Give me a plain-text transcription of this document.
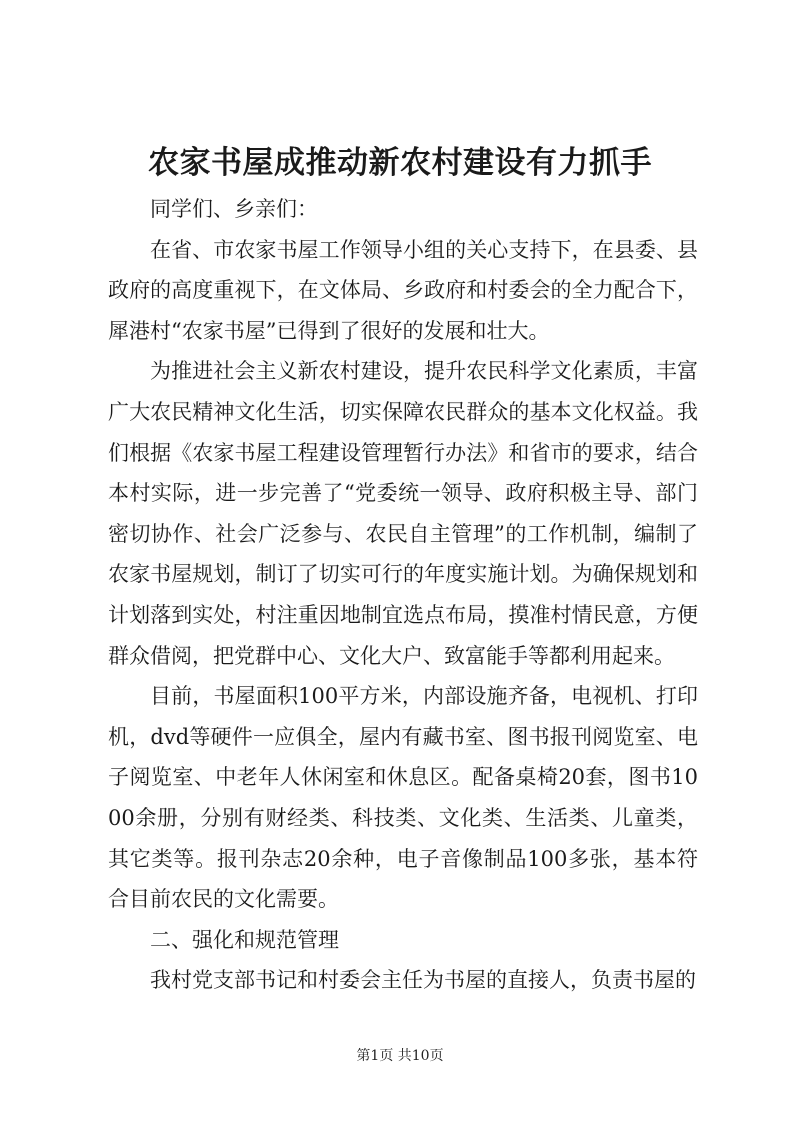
农家书屋成推动新农村建设有力抓手

同学们、乡亲们：

在省、市农家书屋工作领导小组的关心支持下，在县委、县政府的高度重视下，在文体局、乡政府和村委会的全力配合下，犀港村“农家书屋”已得到了很好的发展和壮大。

为推进社会主义新农村建设，提升农民科学文化素质，丰富广大农民精神文化生活，切实保障农民群众的基本文化权益。我们根据《农家书屋工程建设管理暂行办法》和省市的要求，结合本村实际，进一步完善了“党委统一领导、政府积极主导、部门密切协作、社会广泛参与、农民自主管理”的工作机制，编制了农家书屋规划，制订了切实可行的年度实施计划。为确保规划和计划落到实处，村注重因地制宜选点布局，摸准村情民意，方便群众借阅，把党群中心、文化大户、致富能手等都利用起来。

目前，书屋面积100平方米，内部设施齐备，电视机、打印机，dvd等硬件一应俱全，屋内有藏书室、图书报刊阅览室、电子阅览室、中老年人休闲室和休息区。配备桌椅20套，图书1000余册，分别有财经类、科技类、文化类、生活类、儿童类，其它类等。报刊杂志20余种，电子音像制品100多张，基本符合目前农民的文化需要。

二、强化和规范管理

我村党支部书记和村委会主任为书屋的直接人，负责书屋的

第1页 共10页
